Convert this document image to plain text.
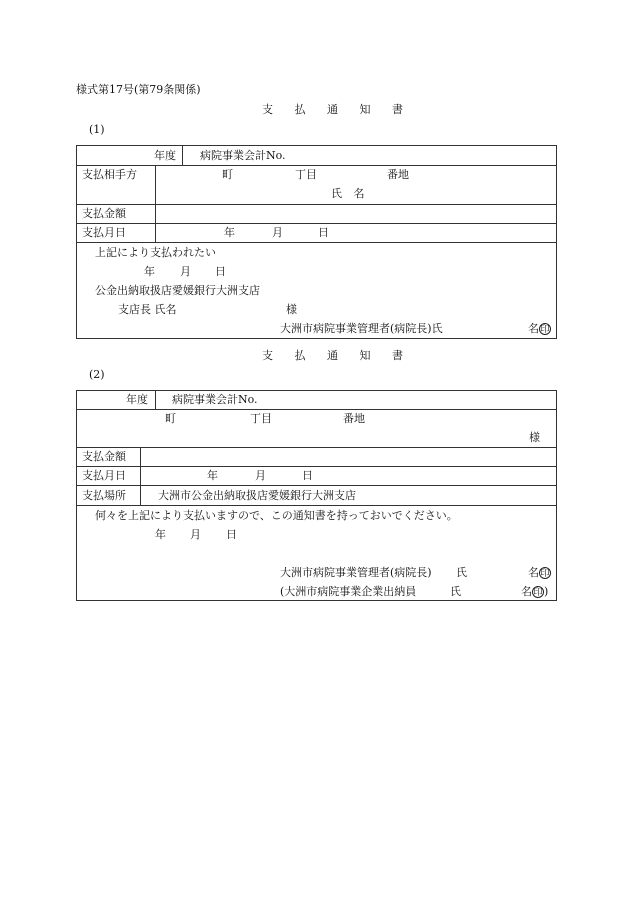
様式第17号(第79条関係)
支 払 通 知 書
(1)
年度 病院事業会計No.
支払相手方	町	丁目	番地
氏 名
支払金額
支払月日	年	月	日
上記により支払われたい
年 月 日
公金出納取扱店愛媛銀行大洲支店
支店長 氏名	様
大洲市病院事業管理者(病院長)氏	名印
支 払 通 知 書
(2)
年度 病院事業会計No.
町	丁目	番地
様
支払金額
支払月日	年	月	日
支払場所	大洲市公金出納取扱店愛媛銀行大洲支店
何々を上記により支払いますので、この通知書を持っておいでください。
年 月 日
大洲市病院事業管理者(病院長) 氏	名印
(大洲市病院事業企業出納員	氏	名印 )
